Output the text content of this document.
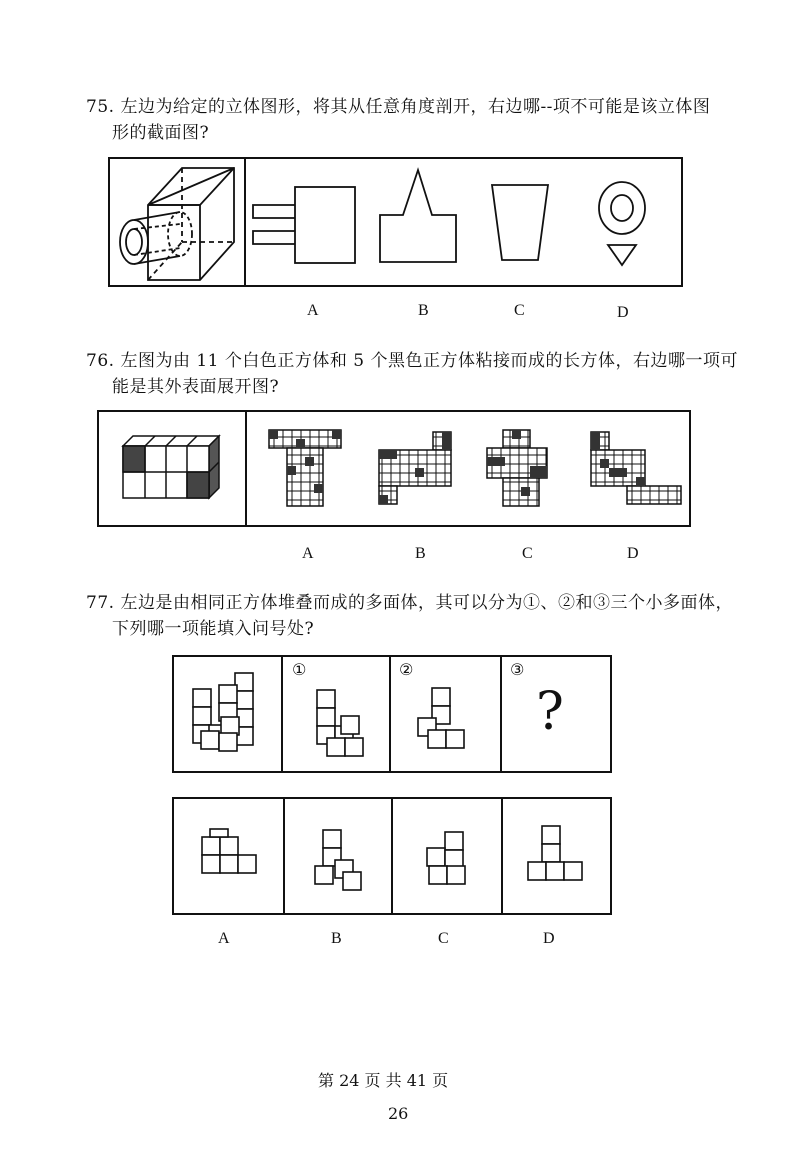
75. 左边为给定的立体图形，将其从任意角度剖开，右边哪--项不可能是该立体图
形的截面图?
A	B	C	D
76. 左图为由 11 个白色正方体和 5 个黑色正方体粘接而成的长方体，右边哪一项可
能是其外表面展开图?
A	B	C	D
77. 左边是由相同正方体堆叠而成的多面体，其可以分为①、②和③三个小多面体，
下列哪一项能填入问号处?
①	②	③
?
A	B	C	D
第 24 页 共 41 页
26
